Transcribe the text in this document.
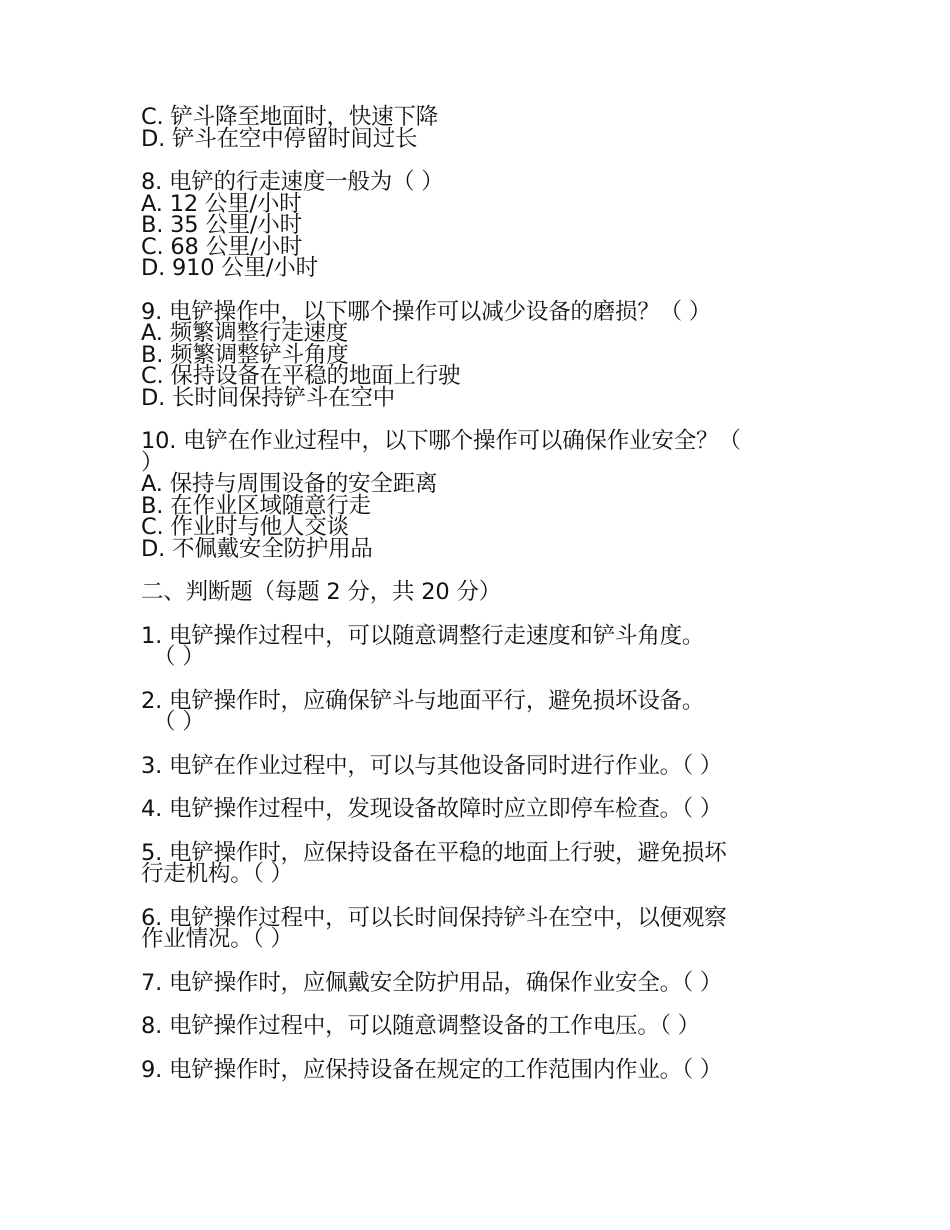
C. 铲斗降至地面时，快速下降
D. 铲斗在空中停留时间过长
8. 电铲的行走速度一般为（ ）
A. 12 公里/小时
B. 35 公里/小时
C. 68 公里/小时
D. 910 公里/小时
9. 电铲操作中，以下哪个操作可以减少设备的磨损？（ ）
A. 频繁调整行走速度
B. 频繁调整铲斗角度
C. 保持设备在平稳的地面上行驶
D. 长时间保持铲斗在空中
10. 电铲在作业过程中，以下哪个操作可以确保作业安全？（
）
A. 保持与周围设备的安全距离
B. 在作业区域随意行走
C. 作业时与他人交谈
D. 不佩戴安全防护用品
二、判断题（每题 2 分，共 20 分）
1. 电铲操作过程中，可以随意调整行走速度和铲斗角度。
（ ）
2. 电铲操作时，应确保铲斗与地面平行，避免损坏设备。
（ ）
3. 电铲在作业过程中，可以与其他设备同时进行作业。（ ）
4. 电铲操作过程中，发现设备故障时应立即停车检查。（ ）
5. 电铲操作时，应保持设备在平稳的地面上行驶，避免损坏
行走机构。（ ）
6. 电铲操作过程中，可以长时间保持铲斗在空中，以便观察
作业情况。（ ）
7. 电铲操作时，应佩戴安全防护用品，确保作业安全。（ ）
8. 电铲操作过程中，可以随意调整设备的工作电压。（ ）
9. 电铲操作时，应保持设备在规定的工作范围内作业。（ ）
